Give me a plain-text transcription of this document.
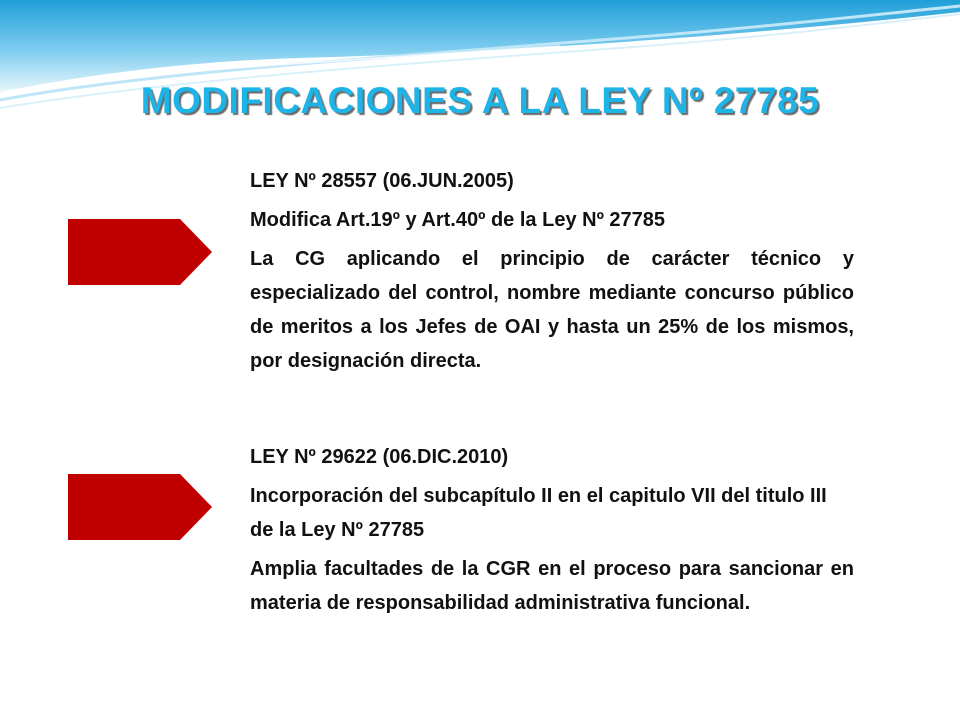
MODIFICACIONES A LA LEY Nº 27785

LEY Nº 28557 (06.JUN.2005)

Modifica Art.19º y Art.40º de la Ley Nº 27785

La CG aplicando el principio de carácter técnico y especializado del control, nombre mediante concurso público de meritos a los Jefes de OAI y hasta un 25% de los mismos, por designación directa.

LEY Nº 29622 (06.DIC.2010)

Incorporación del subcapítulo II en el capitulo VII del titulo III de la Ley Nº 27785

Amplia facultades de la CGR en el proceso para sancionar en materia de responsabilidad administrativa funcional.
